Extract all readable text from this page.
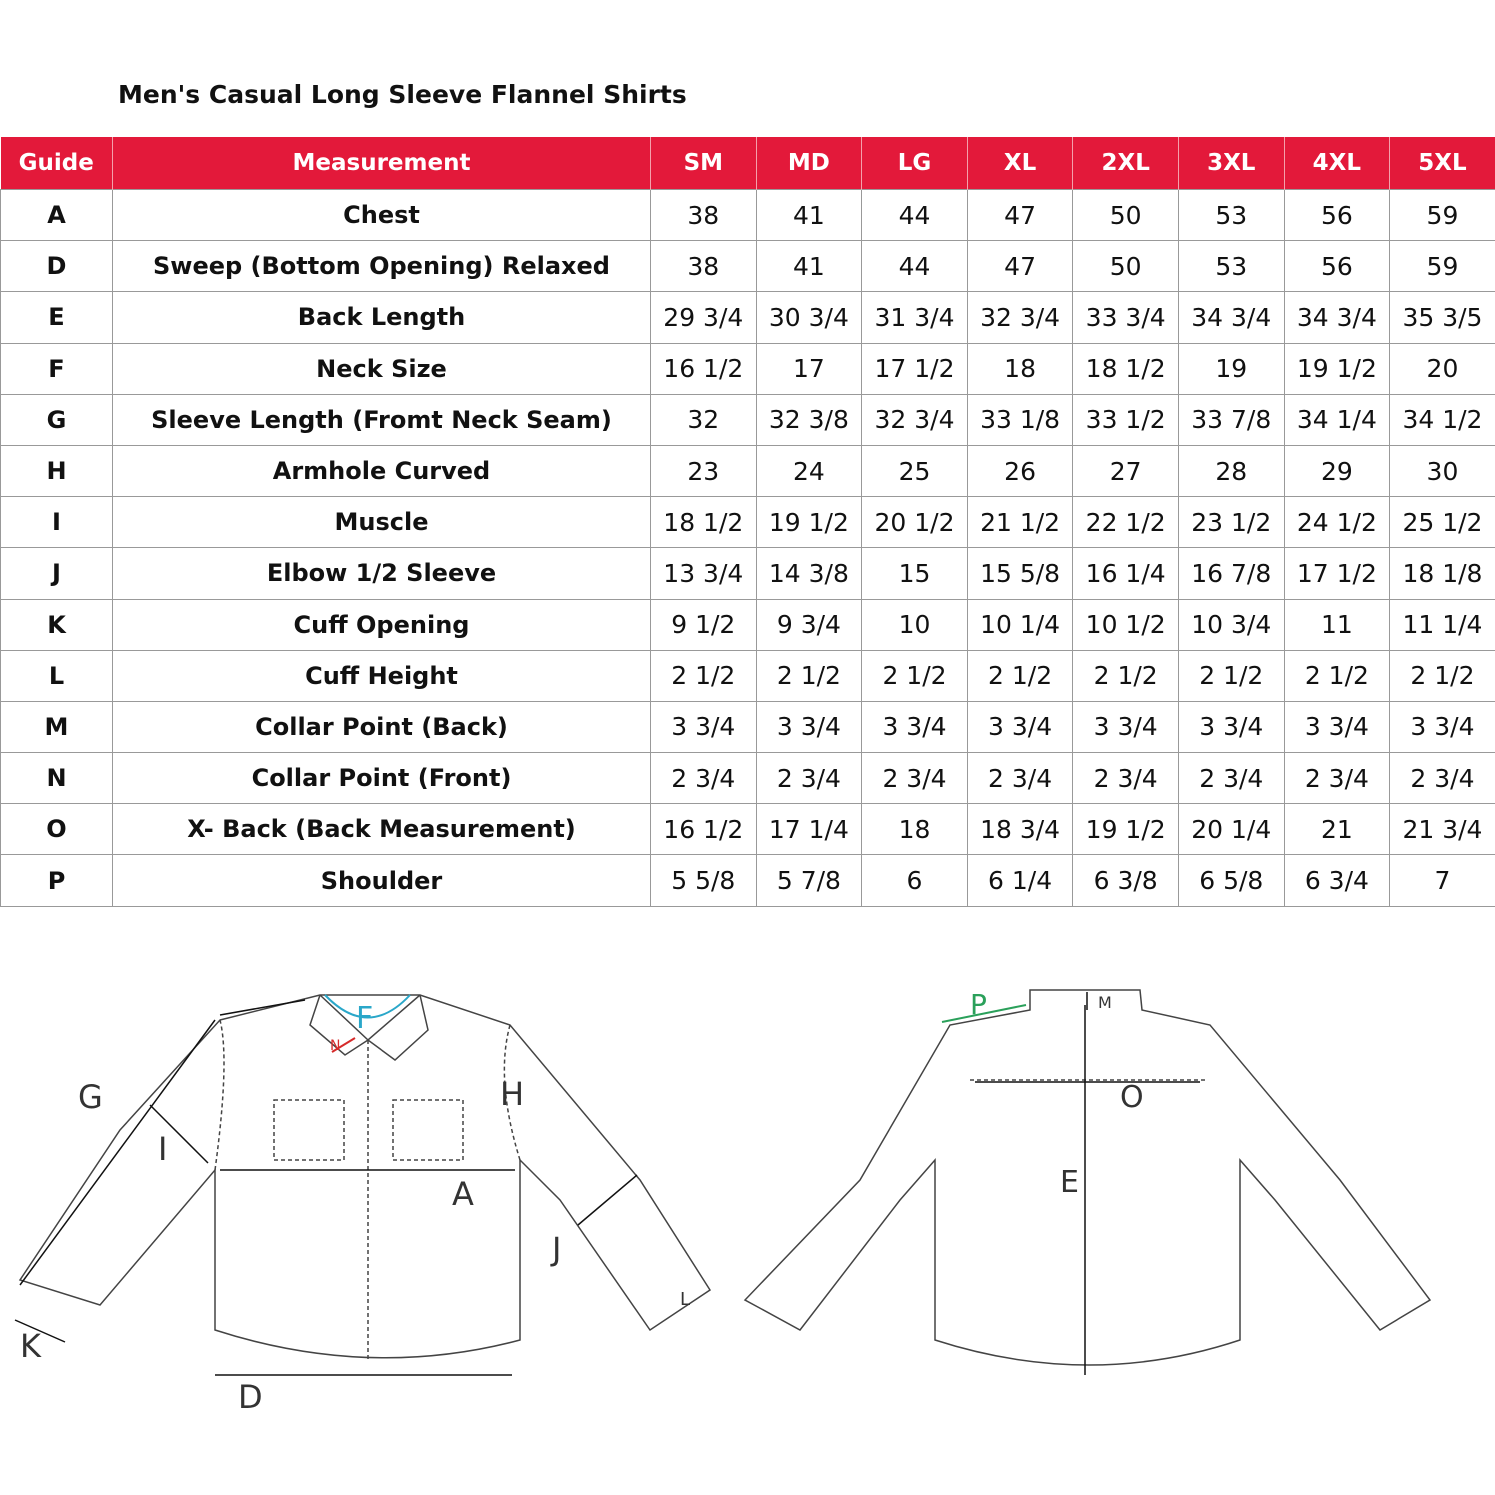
Men's Casual Long Sleeve Flannel Shirts
Guide	Measurement	SM	MD	LG	XL	2XL	3XL	4XL	5XL
A	Chest	38	41	44	47	50	53	56	59
D	Sweep (Bottom Opening) Relaxed	38	41	44	47	50	53	56	59
E	Back Length	29 3/4	30 3/4	31 3/4	32 3/4	33 3/4	34 3/4	34 3/4	35 3/5
F	Neck Size	16 1/2	17	17 1/2	18	18 1/2	19	19 1/2	20
G	Sleeve Length (Fromt Neck Seam)	32	32 3/8	32 3/4	33 1/8	33 1/2	33 7/8	34 1/4	34 1/2
H	Armhole Curved	23	24	25	26	27	28	29	30
I	Muscle	18 1/2	19 1/2	20 1/2	21 1/2	22 1/2	23 1/2	24 1/2	25 1/2
J	Elbow 1/2 Sleeve	13 3/4	14 3/8	15	15 5/8	16 1/4	16 7/8	17 1/2	18 1/8
K	Cuff Opening	9 1/2	9 3/4	10	10 1/4	10 1/2	10 3/4	11	11 1/4
L	Cuff Height	2 1/2	2 1/2	2 1/2	2 1/2	2 1/2	2 1/2	2 1/2	2 1/2
M	Collar Point (Back)	3 3/4	3 3/4	3 3/4	3 3/4	3 3/4	3 3/4	3 3/4	3 3/4
N	Collar Point (Front)	2 3/4	2 3/4	2 3/4	2 3/4	2 3/4	2 3/4	2 3/4	2 3/4
O	X- Back (Back Measurement)	16 1/2	17 1/4	18	18 3/4	19 1/2	20 1/4	21	21 3/4
P	Shoulder	5 5/8	5 7/8	6	6 1/4	6 3/8	6 5/8	6 3/4	7
A
D
F
G	H
I
J
K
L
N
E
M
O
P
